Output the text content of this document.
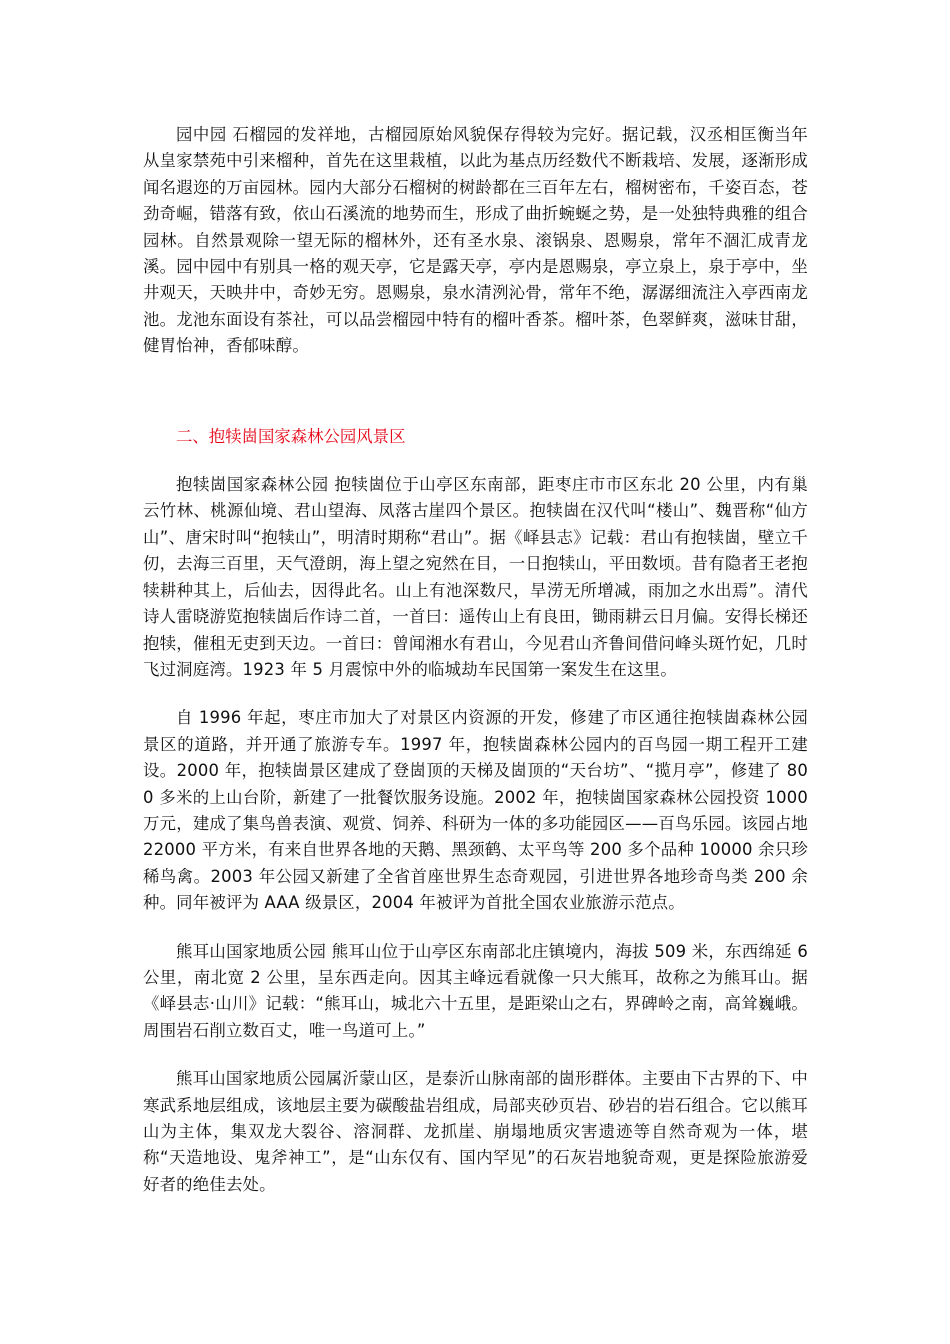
园中园 石榴园的发祥地，古榴园原始风貌保存得较为完好。据记载，汉丞相匡衡当年从皇家禁苑中引来榴种，首先在这里栽植，以此为基点历经数代不断栽培、发展，逐渐形成闻名遐迩的万亩园林。园内大部分石榴树的树龄都在三百年左右，榴树密布，千姿百态，苍劲奇崛，错落有致，依山石溪流的地势而生，形成了曲折蜿蜒之势，是一处独特典雅的组合园林。自然景观除一望无际的榴林外，还有圣水泉、滚锅泉、恩赐泉，常年不涸汇成青龙溪。园中园中有别具一格的观天亭，它是露天亭，亭内是恩赐泉，亭立泉上，泉于亭中，坐井观天，天映井中，奇妙无穷。恩赐泉，泉水清洌沁骨，常年不绝，潺潺细流注入亭西南龙池。龙池东面设有茶社，可以品尝榴园中特有的榴叶香茶。榴叶茶，色翠鲜爽，滋味甘甜，健胃怡神，香郁味醇。

二、抱犊崮国家森林公园风景区

抱犊崮国家森林公园 抱犊崮位于山亭区东南部，距枣庄市市区东北 20 公里，内有巢云竹林、桃源仙境、君山望海、凤落古崖四个景区。抱犊崮在汉代叫“楼山”、魏晋称“仙方山”、唐宋时叫“抱犊山”，明清时期称“君山”。据《峄县志》记载：君山有抱犊崮，壁立千仞，去海三百里，天气澄朗，海上望之宛然在目，一日抱犊山，平田数顷。昔有隐者王老抱犊耕种其上，后仙去，因得此名。山上有池深数尺，旱涝无所增减，雨加之水出焉”。清代诗人雷晓游览抱犊崮后作诗二首，一首曰：遥传山上有良田，锄雨耕云日月偏。安得长梯还抱犊，催租无吏到天边。一首曰：曾闻湘水有君山，今见君山齐鲁间借问峰头斑竹妃，几时飞过洞庭湾。1923 年 5 月震惊中外的临城劫车民国第一案发生在这里。

自 1996 年起，枣庄市加大了对景区内资源的开发，修建了市区通往抱犊崮森林公园景区的道路，并开通了旅游专车。1997 年，抱犊崮森林公园内的百鸟园一期工程开工建设。2000 年，抱犊崮景区建成了登崮顶的天梯及崮顶的“天台坊”、“揽月亭”，修建了 800 多米的上山台阶，新建了一批餐饮服务设施。2002 年，抱犊崮国家森林公园投资 1000 万元，建成了集鸟兽表演、观赏、饲养、科研为一体的多功能园区——百鸟乐园。该园占地 22000 平方米，有来自世界各地的天鹅、黑颈鹤、太平鸟等 200 多个品种 10000 余只珍稀鸟禽。2003 年公园又新建了全省首座世界生态奇观园，引进世界各地珍奇鸟类 200 余种。同年被评为 AAA 级景区，2004 年被评为首批全国农业旅游示范点。

熊耳山国家地质公园 熊耳山位于山亭区东南部北庄镇境内，海拔 509 米，东西绵延 6 公里，南北宽 2 公里，呈东西走向。因其主峰远看就像一只大熊耳，故称之为熊耳山。据《峄县志·山川》记载：“熊耳山，城北六十五里，是距梁山之右，界碑岭之南，高耸巍峨。周围岩石削立数百丈，唯一鸟道可上。”

熊耳山国家地质公园属沂蒙山区，是泰沂山脉南部的崮形群体。主要由下古界的下、中寒武系地层组成，该地层主要为碳酸盐岩组成，局部夹砂页岩、砂岩的岩石组合。它以熊耳山为主体，集双龙大裂谷、溶洞群、龙抓崖、崩塌地质灾害遗迹等自然奇观为一体，堪称“天造地设、鬼斧神工”，是“山东仅有、国内罕见”的石灰岩地貌奇观，更是探险旅游爱好者的绝佳去处。
